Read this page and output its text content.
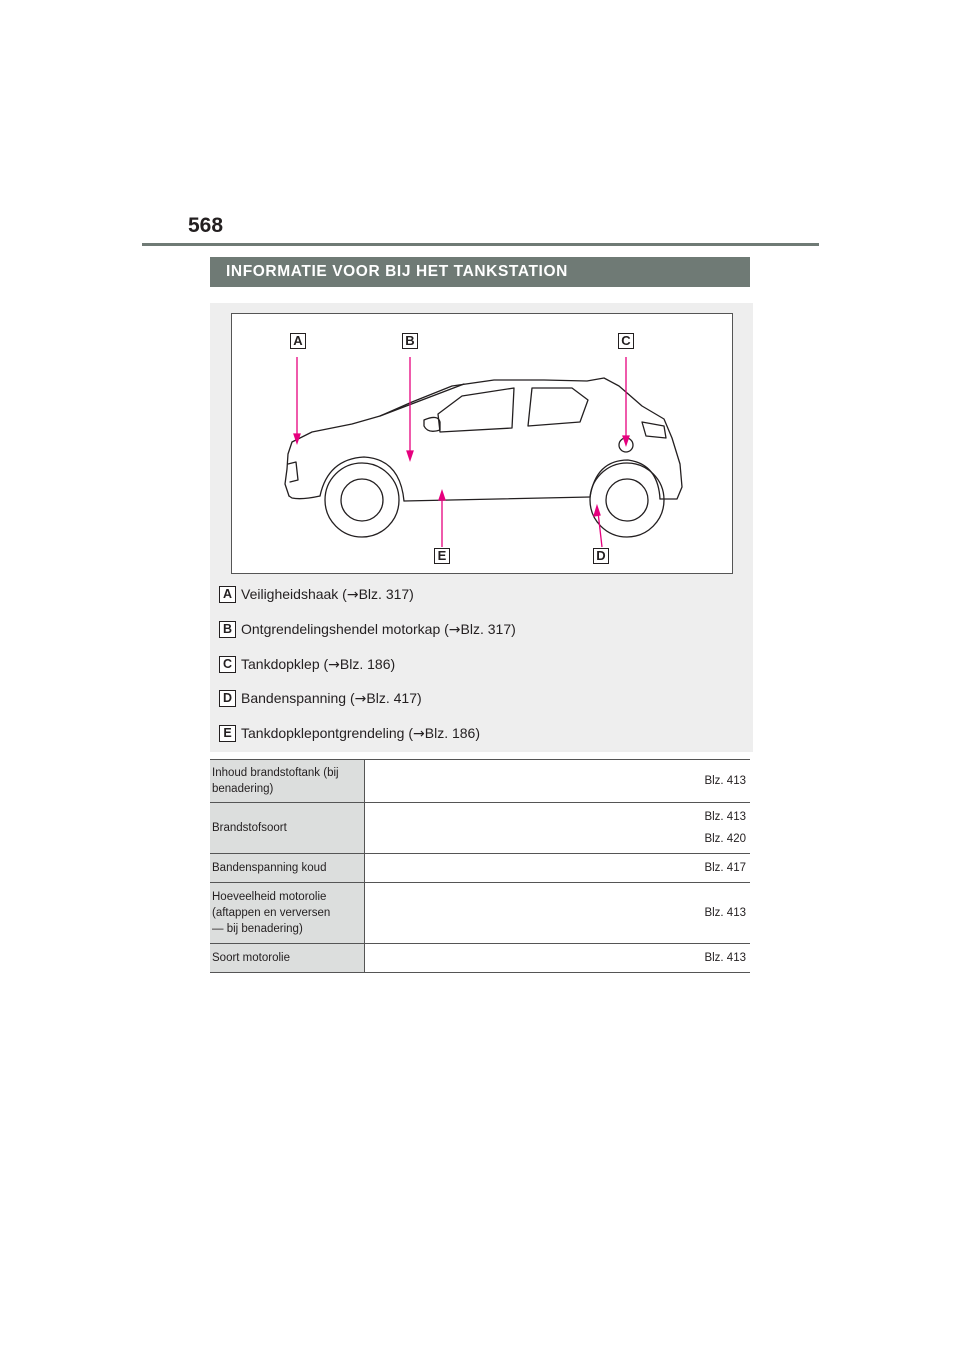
568
INFORMATIE VOOR BIJ HET TANKSTATION
A	B	C
E	D
A Veiligheidshaak (→Blz. 317)
B Ontgrendelingshendel motorkap (→Blz. 317)
C Tankdopklep (→Blz. 186)
D Bandenspanning (→Blz. 417)
E Tankdopklepontgrendeling (→Blz. 186)
Inhoud brandstoftank (bij
benadering)	Blz. 413

Brandstofsoort	Blz. 413
Blz. 420

Bandenspanning koud	Blz. 417

Hoeveelheid motorolie
(aftappen en verversen
— bij benadering)	Blz. 413

Soort motorolie	Blz. 413
